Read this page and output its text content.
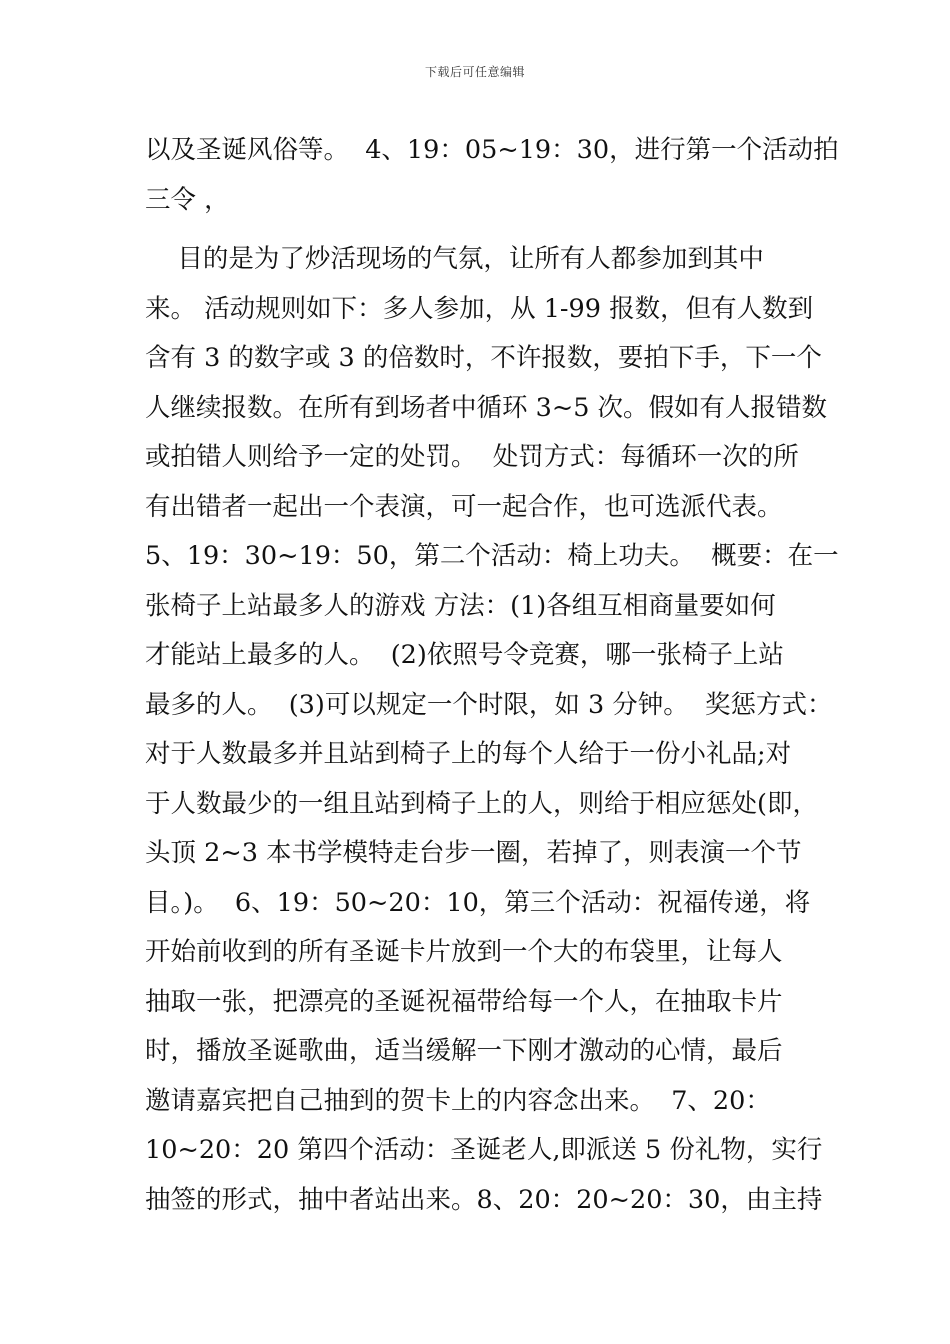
下载后可任意编辑
以及圣诞风俗等。  4、19：05~19：30，进行第一个活动拍
三令 ，
目的是为了炒活现场的气氛，让所有人都参加到其中
来。 活动规则如下：多人参加，从 1-99 报数，但有人数到
含有 3 的数字或 3 的倍数时，不许报数，要拍下手，下一个
人继续报数。在所有到场者中循环 3~5 次。假如有人报错数
或拍错人则给予一定的处罚。  处罚方式：每循环一次的所
有出错者一起出一个表演，可一起合作，也可选派代表。
5、19：30~19：50，第二个活动：椅上功夫。  概要：在一
张椅子上站最多人的游戏 方法：(1)各组互相商量要如何
才能站上最多的人。  (2)依照号令竞赛，哪一张椅子上站
最多的人。  (3)可以规定一个时限，如 3 分钟。  奖惩方式：
对于人数最多并且站到椅子上的每个人给于一份小礼品;对
于人数最少的一组且站到椅子上的人，则给于相应惩处(即，
头顶 2~3 本书学模特走台步一圈，若掉了，则表演一个节
目。)。  6、19：50~20：10，第三个活动：祝福传递，将
开始前收到的所有圣诞卡片放到一个大的布袋里，让每人
抽取一张，把漂亮的圣诞祝福带给每一个人，在抽取卡片
时，播放圣诞歌曲，适当缓解一下刚才激动的心情，最后
邀请嘉宾把自己抽到的贺卡上的内容念出来。  7、20：
10~20：20 第四个活动：圣诞老人,即派送 5 份礼物，实行
抽签的形式，抽中者站出来。8、20：20~20：30，由主持
